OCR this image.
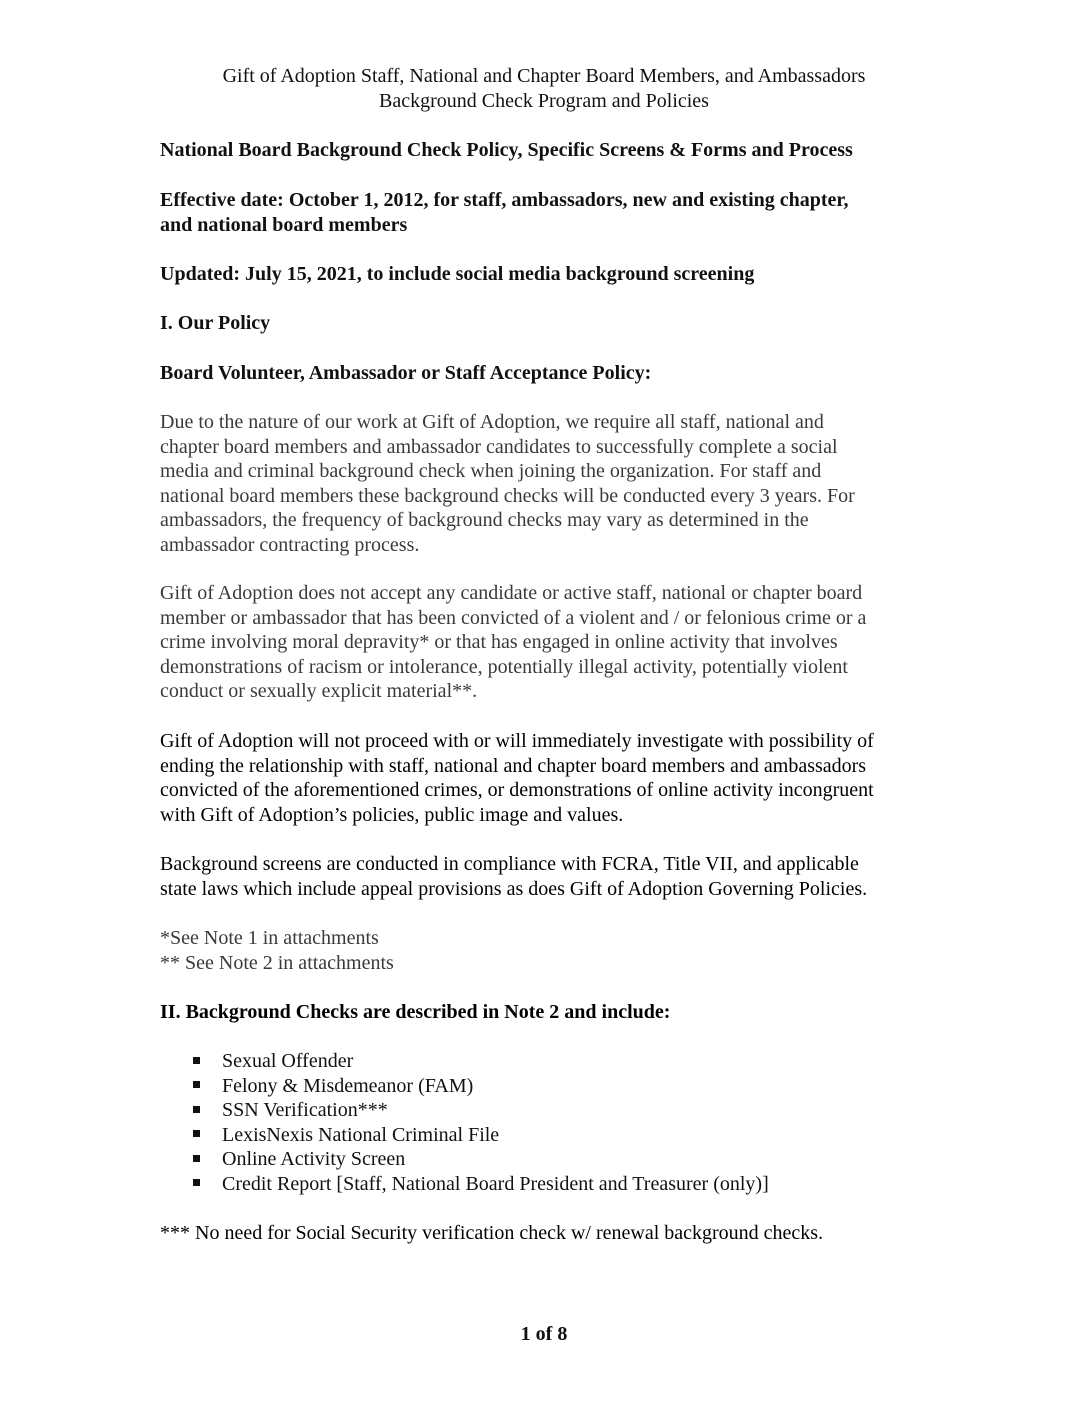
Gift of Adoption Staff, National and Chapter Board Members, and Ambassadors
Background Check Program and Policies
National Board Background Check Policy, Specific Screens & Forms and Process
Effective date: October 1, 2012, for staff, ambassadors, new and existing chapter,
and national board members
Updated: July 15, 2021, to include social media background screening
I. Our Policy
Board Volunteer, Ambassador or Staff Acceptance Policy:
Due to the nature of our work at Gift of Adoption, we require all staff, national and
chapter board members and ambassador candidates to successfully complete a social
media and criminal background check when joining the organization. For staff and
national board members these background checks will be conducted every 3 years. For
ambassadors, the frequency of background checks may vary as determined in the
ambassador contracting process.
Gift of Adoption does not accept any candidate or active staff, national or chapter board
member or ambassador that has been convicted of a violent and / or felonious crime or a
crime involving moral depravity* or that has engaged in online activity that involves
demonstrations of racism or intolerance, potentially illegal activity, potentially violent
conduct or sexually explicit material**.
Gift of Adoption will not proceed with or will immediately investigate with possibility of
ending the relationship with staff, national and chapter board members and ambassadors
convicted of the aforementioned crimes, or demonstrations of online activity incongruent
with Gift of Adoption’s policies, public image and values.
Background screens are conducted in compliance with FCRA, Title VII, and applicable
state laws which include appeal provisions as does Gift of Adoption Governing Policies.
*See Note 1 in attachments
** See Note 2 in attachments
II. Background Checks are described in Note 2 and include:
Sexual Offender
Felony & Misdemeanor (FAM)
SSN Verification***
LexisNexis National Criminal File
Online Activity Screen
Credit Report [Staff, National Board President and Treasurer (only)]
*** No need for Social Security verification check w/ renewal background checks.
1 of 8
